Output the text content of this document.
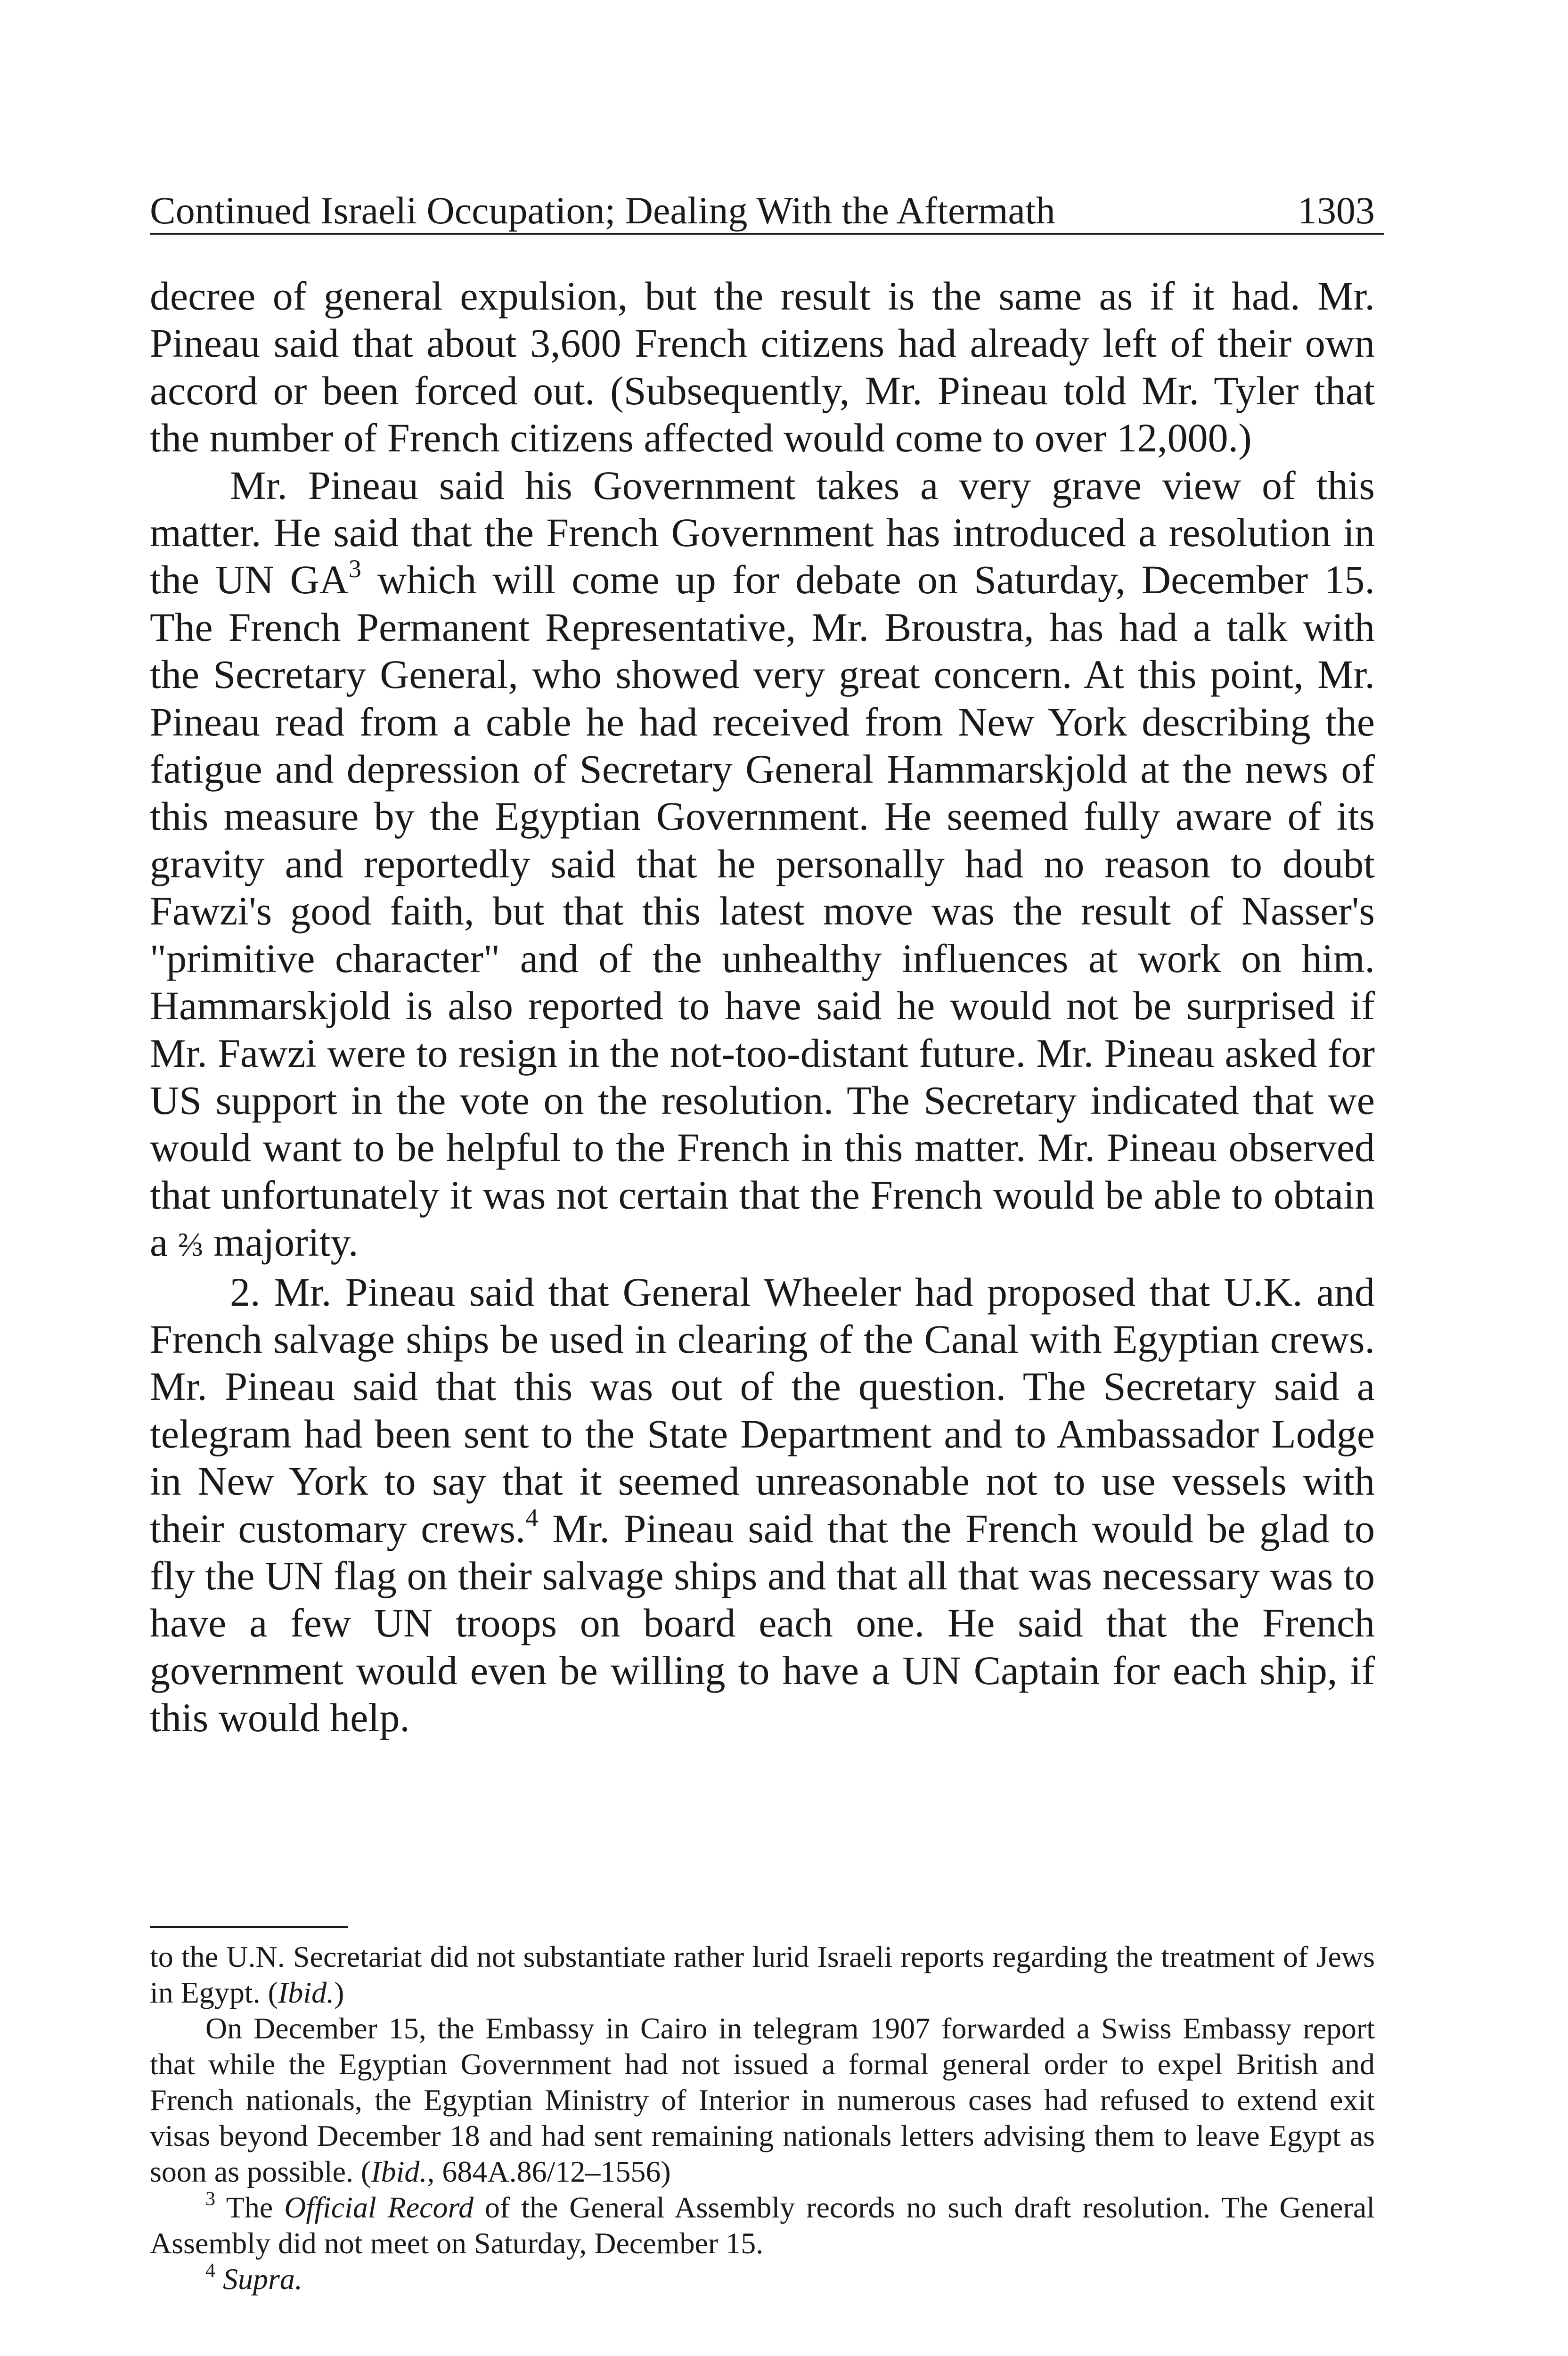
Continued Israeli Occupation; Dealing With the Aftermath	1303

decree of general expulsion, but the result is the same as if it had. Mr. Pineau said that about 3,600 French citizens had already left of their own accord or been forced out. (Subsequently, Mr. Pineau told Mr. Tyler that the number of French citizens affected would come to over 12,000.)

Mr. Pineau said his Government takes a very grave view of this matter. He said that the French Government has introduced a resolution in the UN GA$^3$ which will come up for debate on Saturday, December 15. The French Permanent Representative, Mr. Broustra, has had a talk with the Secretary General, who showed very great concern. At this point, Mr. Pineau read from a cable he had received from New York describing the fatigue and depression of Secretary General Hammarskjold at the news of this measure by the Egyptian Government. He seemed fully aware of its gravity and reportedly said that he personally had no reason to doubt Fawzi's good faith, but that this latest move was the result of Nasser's "primitive character" and of the unhealthy influences at work on him. Hammarskjold is also reported to have said he would not be surprised if Mr. Fawzi were to resign in the not-too-distant future. Mr. Pineau asked for US support in the vote on the resolution. The Secretary indicated that we would want to be helpful to the French in this matter. Mr. Pineau observed that unfortunately it was not certain that the French would be able to obtain a ⅔ majority.

2. Mr. Pineau said that General Wheeler had proposed that U.K. and French salvage ships be used in clearing of the Canal with Egyptian crews. Mr. Pineau said that this was out of the question. The Secretary said a telegram had been sent to the State Department and to Ambassador Lodge in New York to say that it seemed unreasonable not to use vessels with their customary crews.$^4$ Mr. Pineau said that the French would be glad to fly the UN flag on their salvage ships and that all that was necessary was to have a few UN troops on board each one. He said that the French government would even be willing to have a UN Captain for each ship, if this would help.

to the U.N. Secretariat did not substantiate rather lurid Israeli reports regarding the treatment of Jews in Egypt. (Ibid.)

On December 15, the Embassy in Cairo in telegram 1907 forwarded a Swiss Embassy report that while the Egyptian Government had not issued a formal general order to expel British and French nationals, the Egyptian Ministry of Interior in numerous cases had refused to extend exit visas beyond December 18 and had sent remaining nationals letters advising them to leave Egypt as soon as possible. (Ibid., 684A.86/12–1556)

$^3$ The Official Record of the General Assembly records no such draft resolution. The General Assembly did not meet on Saturday, December 15.

$^4$ Supra.
